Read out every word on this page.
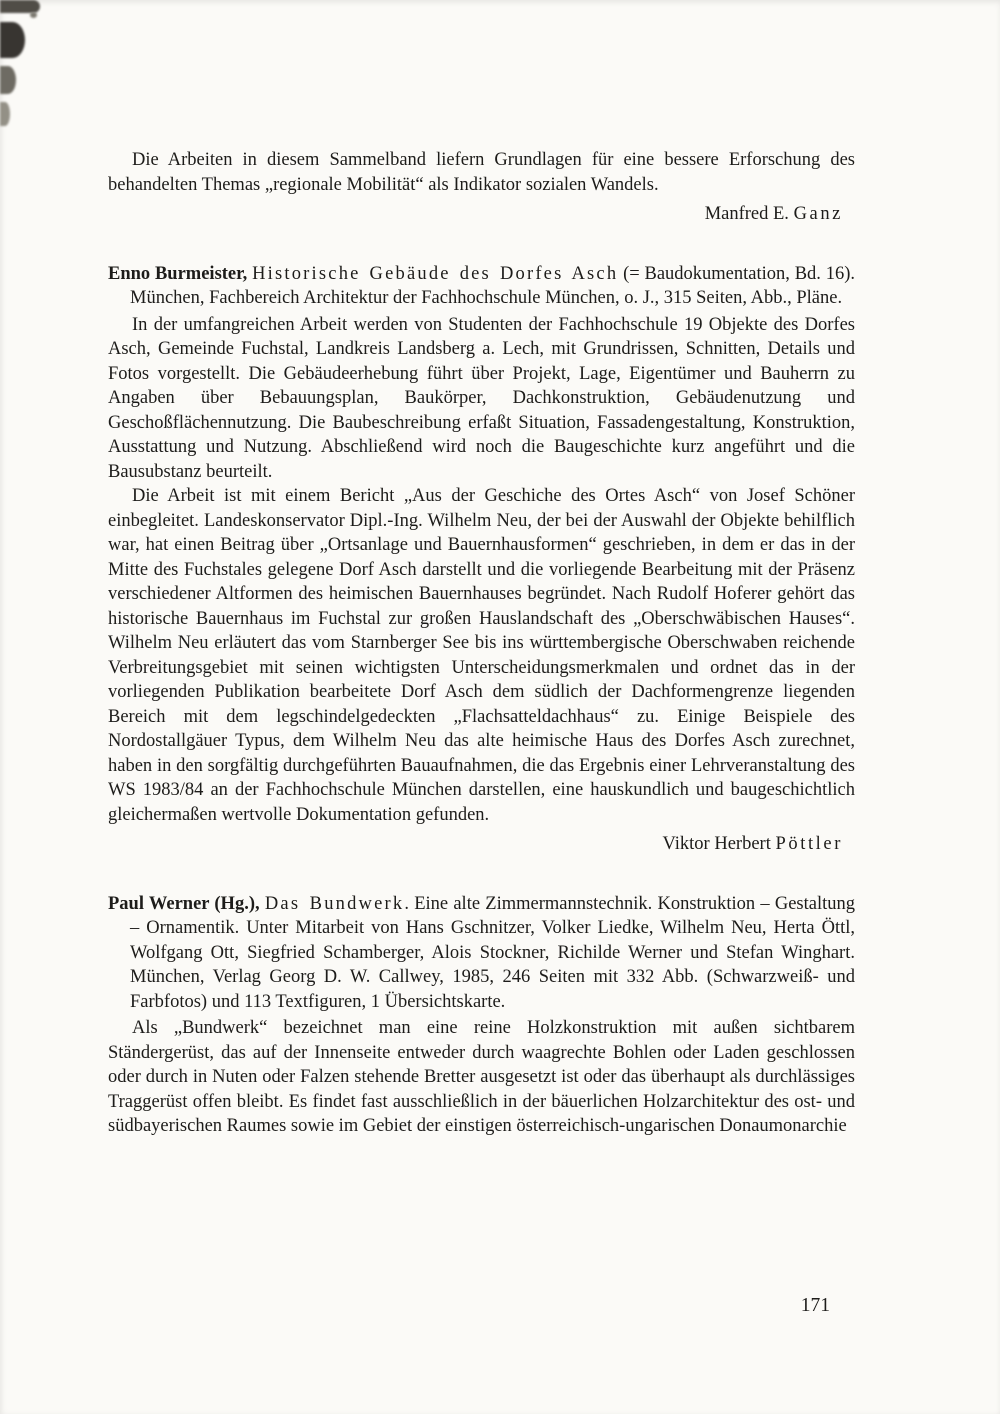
Die Arbeiten in diesem Sammelband liefern Grundlagen für eine bessere Erforschung des behandelten Themas „regionale Mobilität“ als Indikator sozialen Wandels.

Manfred E. Ganz

Enno Burmeister, Historische Gebäude des Dorfes Asch (= Baudokumentation, Bd. 16). München, Fachbereich Architektur der Fachhochschule München, o. J., 315 Seiten, Abb., Pläne.

In der umfangreichen Arbeit werden von Studenten der Fachhochschule 19 Objekte des Dorfes Asch, Gemeinde Fuchstal, Landkreis Landsberg a. Lech, mit Grundrissen, Schnitten, Details und Fotos vorgestellt. Die Gebäudeerhebung führt über Projekt, Lage, Eigentümer und Bauherrn zu Angaben über Bebauungsplan, Baukörper, Dachkonstruktion, Gebäudenutzung und Geschoßflächennutzung. Die Baubeschreibung erfaßt Situation, Fassadengestaltung, Konstruktion, Ausstattung und Nutzung. Abschließend wird noch die Baugeschichte kurz angeführt und die Bausubstanz beurteilt.

Die Arbeit ist mit einem Bericht „Aus der Geschiche des Ortes Asch“ von Josef Schöner einbegleitet. Landeskonservator Dipl.-Ing. Wilhelm Neu, der bei der Auswahl der Objekte behilflich war, hat einen Beitrag über „Ortsanlage und Bauernhausformen“ geschrieben, in dem er das in der Mitte des Fuchstales gelegene Dorf Asch darstellt und die vorliegende Bearbeitung mit der Präsenz verschiedener Altformen des heimischen Bauernhauses begründet. Nach Rudolf Hoferer gehört das historische Bauernhaus im Fuchstal zur großen Hauslandschaft des „Oberschwäbischen Hauses“. Wilhelm Neu erläutert das vom Starnberger See bis ins württembergische Oberschwaben reichende Verbreitungsgebiet mit seinen wichtigsten Unterscheidungsmerkmalen und ordnet das in der vorliegenden Publikation bearbeitete Dorf Asch dem südlich der Dachformengrenze liegenden Bereich mit dem legschindelgedeckten „Flachsatteldachhaus“ zu. Einige Beispiele des Nordostallgäuer Typus, dem Wilhelm Neu das alte heimische Haus des Dorfes Asch zurechnet, haben in den sorgfältig durchgeführten Bauaufnahmen, die das Ergebnis einer Lehrveranstaltung des WS 1983/84 an der Fachhochschule München darstellen, eine hauskundlich und baugeschichtlich gleichermaßen wertvolle Dokumentation gefunden.

Viktor Herbert Pöttler

Paul Werner (Hg.), Das Bundwerk. Eine alte Zimmermannstechnik. Konstruktion – Gestaltung – Ornamentik. Unter Mitarbeit von Hans Gschnitzer, Volker Liedke, Wilhelm Neu, Herta Öttl, Wolfgang Ott, Siegfried Schamberger, Alois Stockner, Richilde Werner und Stefan Winghart. München, Verlag Georg D. W. Callwey, 1985, 246 Seiten mit 332 Abb. (Schwarzweiß- und Farbfotos) und 113 Textfiguren, 1 Übersichtskarte.

Als „Bundwerk“ bezeichnet man eine reine Holzkonstruktion mit außen sichtbarem Ständergerüst, das auf der Innenseite entweder durch waagrechte Bohlen oder Laden geschlossen oder durch in Nuten oder Falzen stehende Bretter ausgesetzt ist oder das überhaupt als durchlässiges Traggerüst offen bleibt. Es findet fast ausschließlich in der bäuerlichen Holzarchitektur des ost- und südbayerischen Raumes sowie im Gebiet der einstigen österreichisch-ungarischen Donaumonarchie

171
